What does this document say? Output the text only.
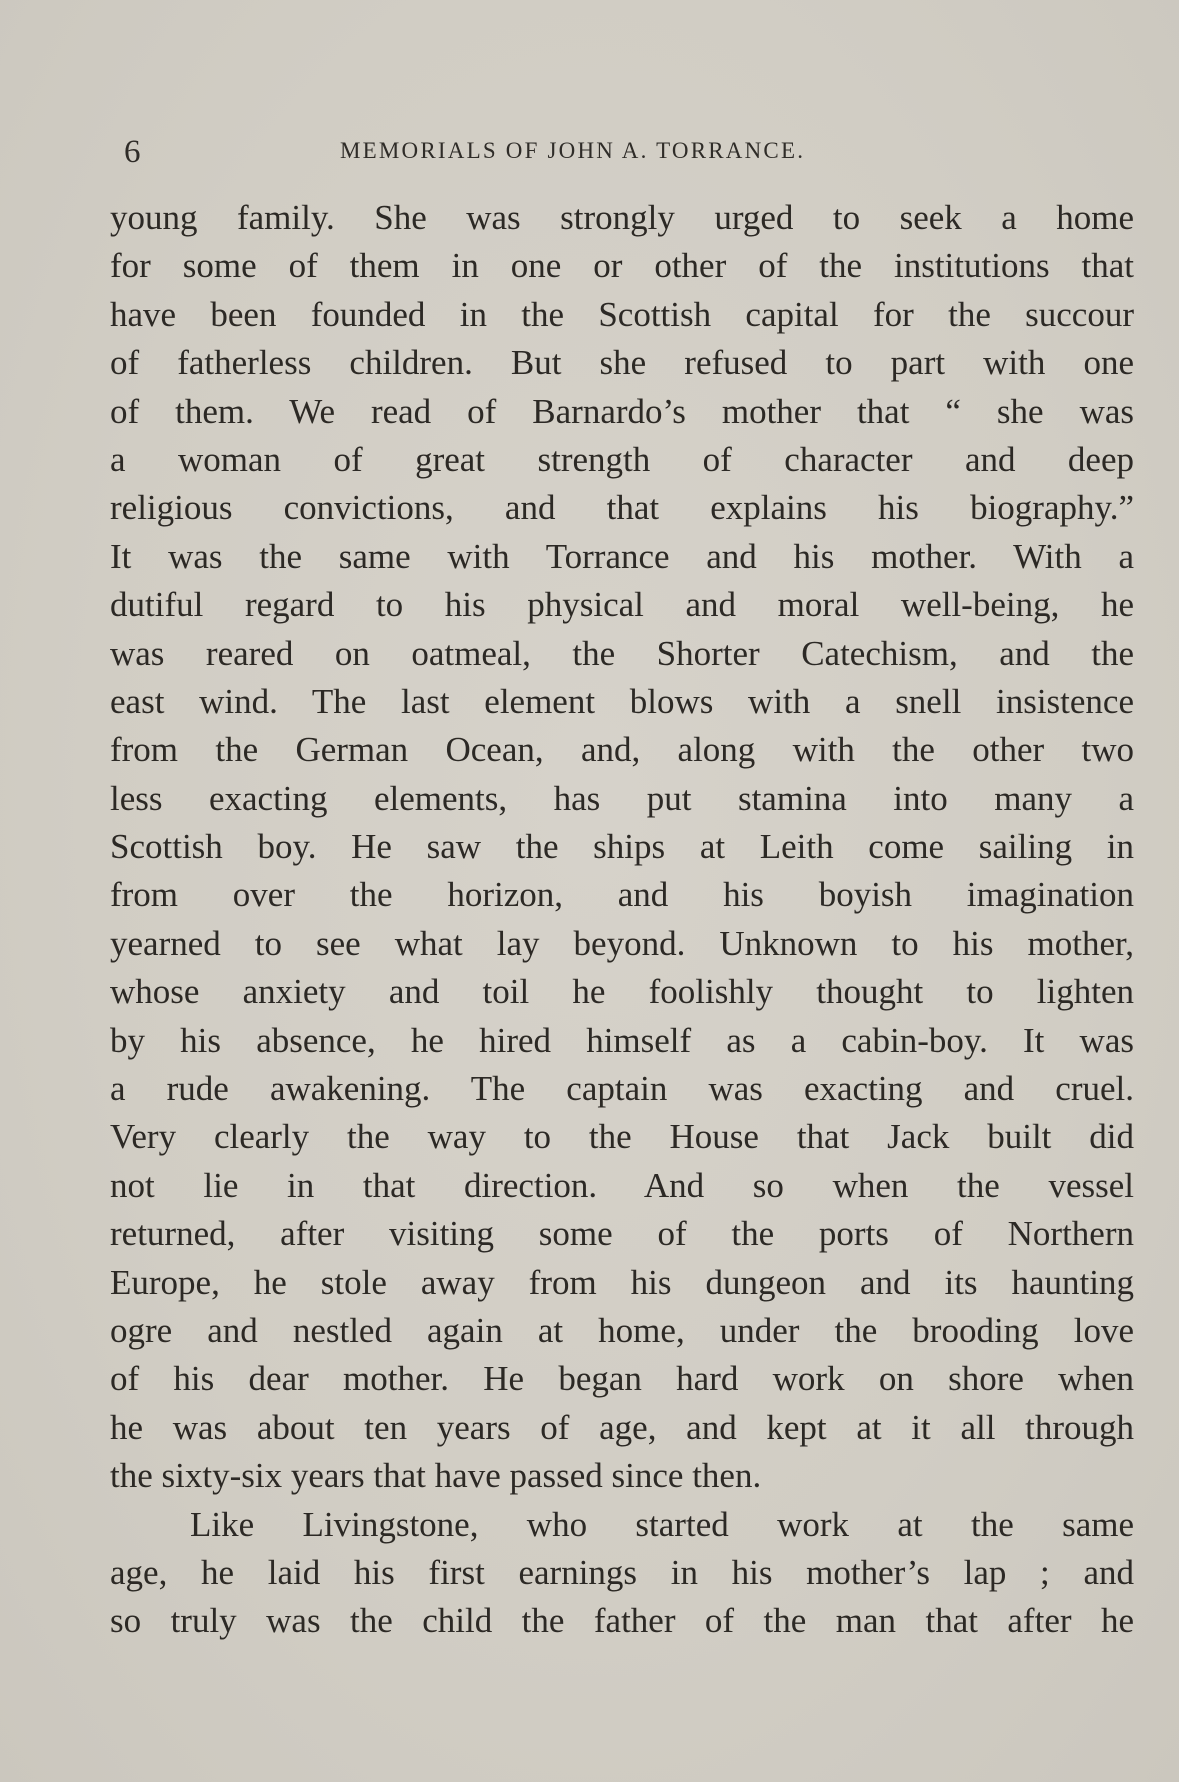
6	MEMORIALS OF JOHN A. TORRANCE.
young family. She was strongly urged to seek a home
for some of them in one or other of the institutions that
have been founded in the Scottish capital for the succour
of fatherless children. But she refused to part with one
of them. We read of Barnardo’s mother that “ she was
a woman of great strength of character and deep
religious convictions, and that explains his biography.”
It was the same with Torrance and his mother. With a
dutiful regard to his physical and moral well-being, he
was reared on oatmeal, the Shorter Catechism, and the
east wind. The last element blows with a snell insistence
from the German Ocean, and, along with the other two
less exacting elements, has put stamina into many a
Scottish boy. He saw the ships at Leith come sailing in
from over the horizon, and his boyish imagination
yearned to see what lay beyond. Unknown to his mother,
whose anxiety and toil he foolishly thought to lighten
by his absence, he hired himself as a cabin-boy. It was
a rude awakening. The captain was exacting and cruel.
Very clearly the way to the House that Jack built did
not lie in that direction. And so when the vessel
returned, after visiting some of the ports of Northern
Europe, he stole away from his dungeon and its haunting
ogre and nestled again at home, under the brooding love
of his dear mother. He began hard work on shore when
he was about ten years of age, and kept at it all through
the sixty-six years that have passed since then.
Like Livingstone, who started work at the same
age, he laid his first earnings in his mother’s lap ; and
so truly was the child the father of the man that after he
